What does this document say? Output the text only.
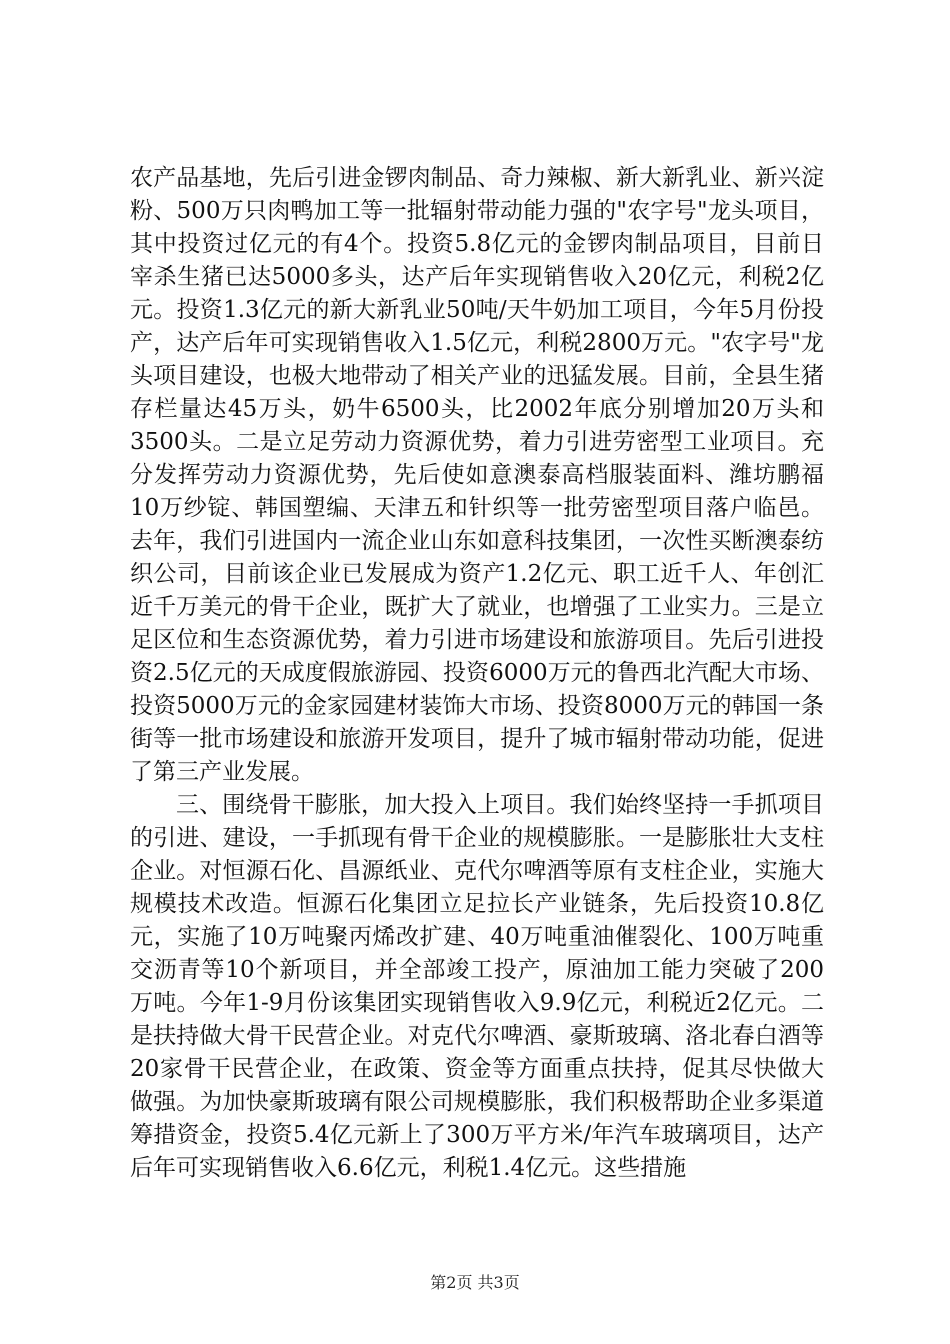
农产品基地，先后引进金锣肉制品、奇力辣椒、新大新乳业、新兴淀粉、500万只肉鸭加工等一批辐射带动能力强的"农字号"龙头项目，其中投资过亿元的有4个。投资5.8亿元的金锣肉制品项目，目前日宰杀生猪已达5000多头，达产后年实现销售收入20亿元，利税2亿元。投资1.3亿元的新大新乳业50吨/天牛奶加工项目，今年5月份投产，达产后年可实现销售收入1.5亿元，利税2800万元。"农字号"龙头项目建设，也极大地带动了相关产业的迅猛发展。目前，全县生猪存栏量达45万头，奶牛6500头，比2002年底分别增加20万头和3500头。二是立足劳动力资源优势，着力引进劳密型工业项目。充分发挥劳动力资源优势，先后使如意澳泰高档服装面料、潍坊鹏福10万纱锭、韩国塑编、天津五和针织等一批劳密型项目落户临邑。去年，我们引进国内一流企业山东如意科技集团，一次性买断澳泰纺织公司，目前该企业已发展成为资产1.2亿元、职工近千人、年创汇近千万美元的骨干企业，既扩大了就业，也增强了工业实力。三是立足区位和生态资源优势，着力引进市场建设和旅游项目。先后引进投资2.5亿元的天成度假旅游园、投资6000万元的鲁西北汽配大市场、投资5000万元的金家园建材装饰大市场、投资8000万元的韩国一条街等一批市场建设和旅游开发项目，提升了城市辐射带动功能，促进了第三产业发展。

三、围绕骨干膨胀，加大投入上项目。我们始终坚持一手抓项目的引进、建设，一手抓现有骨干企业的规模膨胀。一是膨胀壮大支柱企业。对恒源石化、昌源纸业、克代尔啤酒等原有支柱企业，实施大规模技术改造。恒源石化集团立足拉长产业链条，先后投资10.8亿元，实施了10万吨聚丙烯改扩建、40万吨重油催裂化、100万吨重交沥青等10个新项目，并全部竣工投产，原油加工能力突破了200万吨。今年1-9月份该集团实现销售收入9.9亿元，利税近2亿元。二是扶持做大骨干民营企业。对克代尔啤酒、豪斯玻璃、洛北春白酒等20家骨干民营企业，在政策、资金等方面重点扶持，促其尽快做大做强。为加快豪斯玻璃有限公司规模膨胀，我们积极帮助企业多渠道筹措资金，投资5.4亿元新上了300万平方米/年汽车玻璃项目，达产后年可实现销售收入6.6亿元，利税1.4亿元。这些措施

第2页 共3页
